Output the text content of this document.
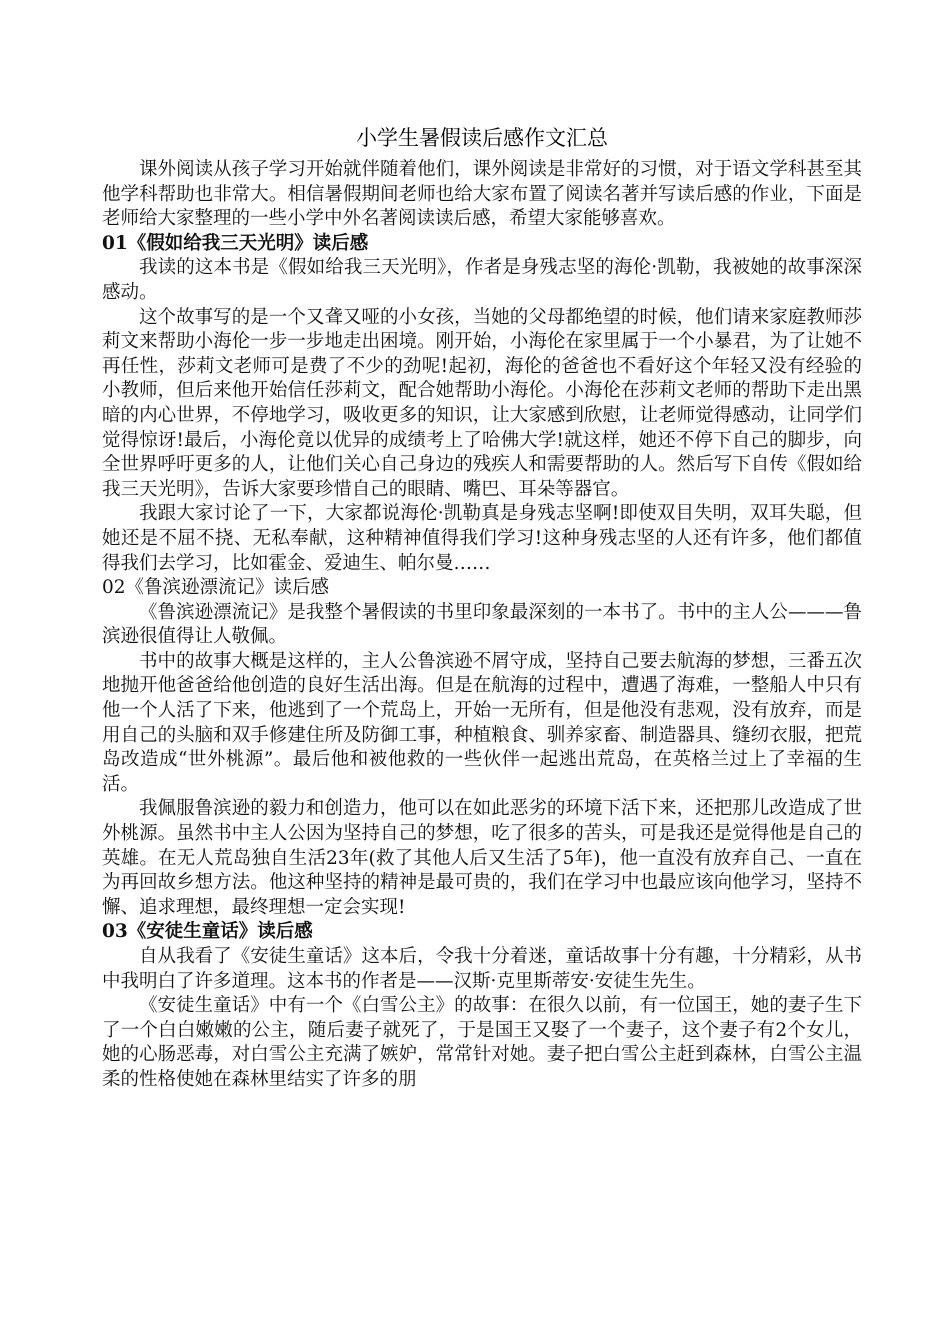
小学生暑假读后感作文汇总

课外阅读从孩子学习开始就伴随着他们，课外阅读是非常好的习惯，对于语文学科甚至其他学科帮助也非常大。相信暑假期间老师也给大家布置了阅读名著并写读后感的作业，下面是老师给大家整理的一些小学中外名著阅读读后感，希望大家能够喜欢。

01《假如给我三天光明》读后感

我读的这本书是《假如给我三天光明》，作者是身残志坚的海伦·凯勒，我被她的故事深深感动。

这个故事写的是一个又聋又哑的小女孩，当她的父母都绝望的时候，他们请来家庭教师莎莉文来帮助小海伦一步一步地走出困境。刚开始，小海伦在家里属于一个小暴君，为了让她不再任性，莎莉文老师可是费了不少的劲呢!起初，海伦的爸爸也不看好这个年轻又没有经验的小教师，但后来他开始信任莎莉文，配合她帮助小海伦。小海伦在莎莉文老师的帮助下走出黑暗的内心世界，不停地学习，吸收更多的知识，让大家感到欣慰，让老师觉得感动，让同学们觉得惊讶!最后，小海伦竟以优异的成绩考上了哈佛大学!就这样，她还不停下自己的脚步，向全世界呼吁更多的人，让他们关心自己身边的残疾人和需要帮助的人。然后写下自传《假如给我三天光明》，告诉大家要珍惜自己的眼睛、嘴巴、耳朵等器官。

我跟大家讨论了一下，大家都说海伦·凯勒真是身残志坚啊!即使双目失明，双耳失聪，但她还是不屈不挠、无私奉献，这种精神值得我们学习!这种身残志坚的人还有许多，他们都值得我们去学习，比如霍金、爱迪生、帕尔曼……

02《鲁滨逊漂流记》读后感

《鲁滨逊漂流记》是我整个暑假读的书里印象最深刻的一本书了。书中的主人公———鲁滨逊很值得让人敬佩。

书中的故事大概是这样的，主人公鲁滨逊不屑守成，坚持自己要去航海的梦想，三番五次地抛开他爸爸给他创造的良好生活出海。但是在航海的过程中，遭遇了海难，一整船人中只有他一个人活了下来，他逃到了一个荒岛上，开始一无所有，但是他没有悲观，没有放弃，而是用自己的头脑和双手修建住所及防御工事，种植粮食、驯养家畜、制造器具、缝纫衣服，把荒岛改造成“世外桃源”。最后他和被他救的一些伙伴一起逃出荒岛，在英格兰过上了幸福的生活。

我佩服鲁滨逊的毅力和创造力，他可以在如此恶劣的环境下活下来，还把那儿改造成了世外桃源。虽然书中主人公因为坚持自己的梦想，吃了很多的苦头，可是我还是觉得他是自己的英雄。在无人荒岛独自生活23年(救了其他人后又生活了5年)，他一直没有放弃自己、一直在为再回故乡想方法。他这种坚持的精神是最可贵的，我们在学习中也最应该向他学习，坚持不懈、追求理想，最终理想一定会实现!

03《安徒生童话》读后感

自从我看了《安徒生童话》这本后，令我十分着迷，童话故事十分有趣，十分精彩，从书中我明白了许多道理。这本书的作者是——汉斯·克里斯蒂安·安徒生先生。

《安徒生童话》中有一个《白雪公主》的故事：在很久以前，有一位国王，她的妻子生下了一个白白嫩嫩的公主，随后妻子就死了，于是国王又娶了一个妻子，这个妻子有2个女儿，她的心肠恶毒，对白雪公主充满了嫉妒，常常针对她。妻子把白雪公主赶到森林，白雪公主温柔的性格使她在森林里结实了许多的朋
